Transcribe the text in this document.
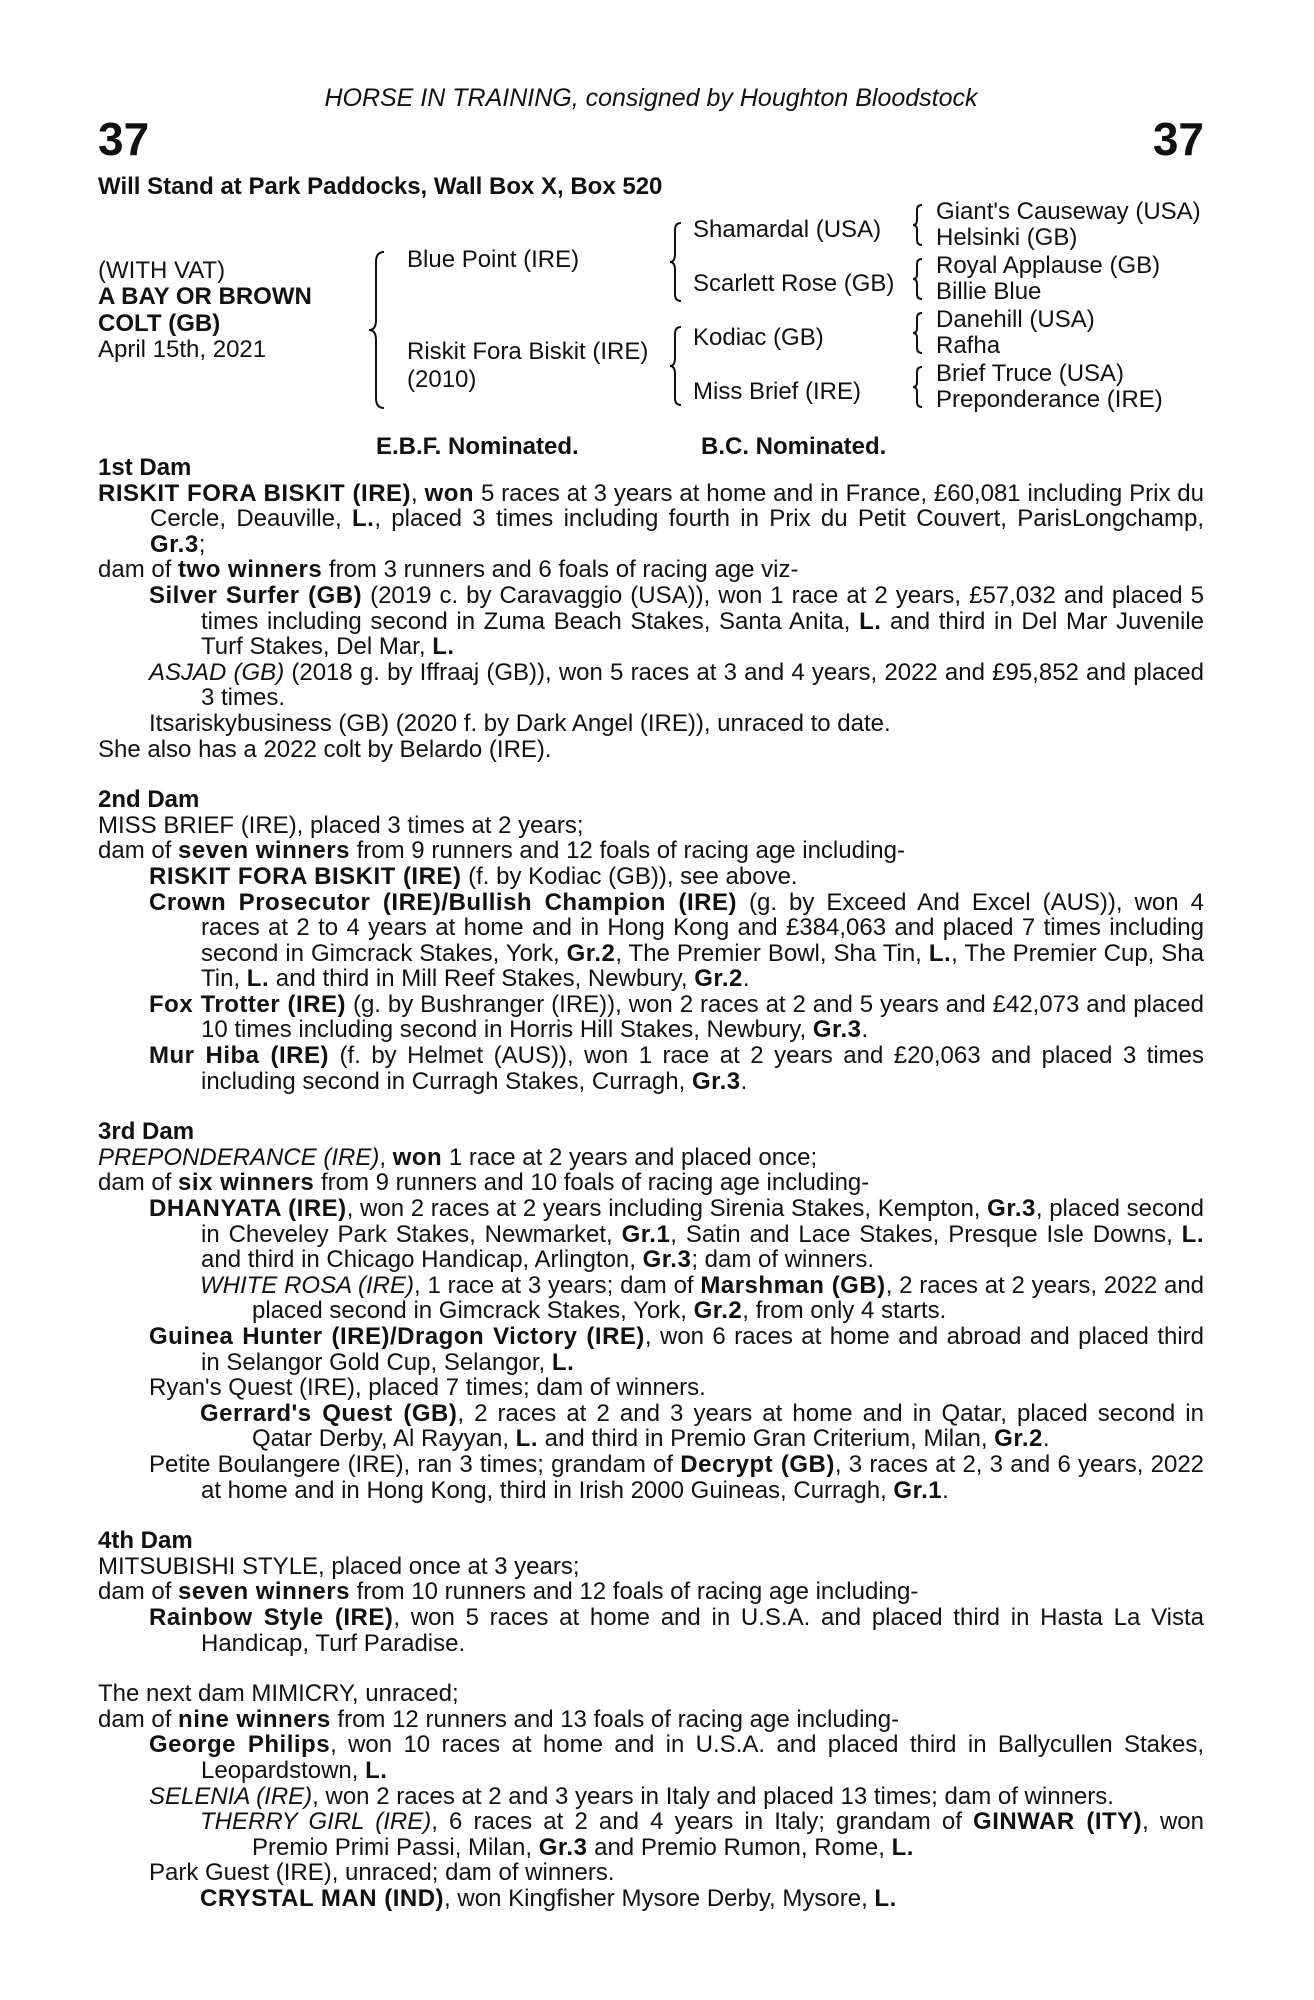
HORSE IN TRAINING, consigned by Houghton Bloodstock
37	37
Will Stand at Park Paddocks, Wall Box X, Box 520
(WITH VAT)
A BAY OR BROWN
COLT (GB)
April 15th, 2021
Blue Point (IRE)
Riskit Fora Biskit (IRE)
(2010)
Shamardal (USA)
Scarlett Rose (GB)
Kodiac (GB)
Miss Brief (IRE)
Giant's Causeway (USA)
Helsinki (GB)
Royal Applause (GB)
Billie Blue
Danehill (USA)
Rafha
Brief Truce (USA)
Preponderance (IRE)
E.B.F. Nominated.	B.C. Nominated.
1st Dam

RISKIT FORA BISKIT (IRE), won 5 races at 3 years at home and in France, £60,081 including Prix du Cercle, Deauville, L., placed 3 times including fourth in Prix du Petit Couvert, ParisLongchamp, Gr.3;

dam of two winners from 3 runners and 6 foals of racing age viz-

Silver Surfer (GB) (2019 c. by Caravaggio (USA)), won 1 race at 2 years, £57,032 and placed 5 times including second in Zuma Beach Stakes, Santa Anita, L. and third in Del Mar Juvenile Turf Stakes, Del Mar, L.

ASJAD (GB) (2018 g. by Iffraaj (GB)), won 5 races at 3 and 4 years, 2022 and £95,852 and placed 3 times.

Itsariskybusiness (GB) (2020 f. by Dark Angel (IRE)), unraced to date.

She also has a 2022 colt by Belardo (IRE).

2nd Dam

MISS BRIEF (IRE), placed 3 times at 2 years;

dam of seven winners from 9 runners and 12 foals of racing age including-

RISKIT FORA BISKIT (IRE) (f. by Kodiac (GB)), see above.

Crown Prosecutor (IRE)/Bullish Champion (IRE) (g. by Exceed And Excel (AUS)), won 4 races at 2 to 4 years at home and in Hong Kong and £384,063 and placed 7 times including second in Gimcrack Stakes, York, Gr.2, The Premier Bowl, Sha Tin, L., The Premier Cup, Sha Tin, L. and third in Mill Reef Stakes, Newbury, Gr.2.

Fox Trotter (IRE) (g. by Bushranger (IRE)), won 2 races at 2 and 5 years and £42,073 and placed 10 times including second in Horris Hill Stakes, Newbury, Gr.3.

Mur Hiba (IRE) (f. by Helmet (AUS)), won 1 race at 2 years and £20,063 and placed 3 times including second in Curragh Stakes, Curragh, Gr.3.

3rd Dam

PREPONDERANCE (IRE), won 1 race at 2 years and placed once;

dam of six winners from 9 runners and 10 foals of racing age including-

DHANYATA (IRE), won 2 races at 2 years including Sirenia Stakes, Kempton, Gr.3, placed second in Cheveley Park Stakes, Newmarket, Gr.1, Satin and Lace Stakes, Presque Isle Downs, L. and third in Chicago Handicap, Arlington, Gr.3; dam of winners.

WHITE ROSA (IRE), 1 race at 3 years; dam of Marshman (GB), 2 races at 2 years, 2022 and placed second in Gimcrack Stakes, York, Gr.2, from only 4 starts.

Guinea Hunter (IRE)/Dragon Victory (IRE), won 6 races at home and abroad and placed third in Selangor Gold Cup, Selangor, L.

Ryan's Quest (IRE), placed 7 times; dam of winners.

Gerrard's Quest (GB), 2 races at 2 and 3 years at home and in Qatar, placed second in Qatar Derby, Al Rayyan, L. and third in Premio Gran Criterium, Milan, Gr.2.

Petite Boulangere (IRE), ran 3 times; grandam of Decrypt (GB), 3 races at 2, 3 and 6 years, 2022 at home and in Hong Kong, third in Irish 2000 Guineas, Curragh, Gr.1.

4th Dam

MITSUBISHI STYLE, placed once at 3 years;

dam of seven winners from 10 runners and 12 foals of racing age including-

Rainbow Style (IRE), won 5 races at home and in U.S.A. and placed third in Hasta La Vista Handicap, Turf Paradise.

The next dam MIMICRY, unraced;

dam of nine winners from 12 runners and 13 foals of racing age including-

George Philips, won 10 races at home and in U.S.A. and placed third in Ballycullen Stakes, Leopardstown, L.

SELENIA (IRE), won 2 races at 2 and 3 years in Italy and placed 13 times; dam of winners.

THERRY GIRL (IRE), 6 races at 2 and 4 years in Italy; grandam of GINWAR (ITY), won Premio Primi Passi, Milan, Gr.3 and Premio Rumon, Rome, L.

Park Guest (IRE), unraced; dam of winners.

CRYSTAL MAN (IND), won Kingfisher Mysore Derby, Mysore, L.
